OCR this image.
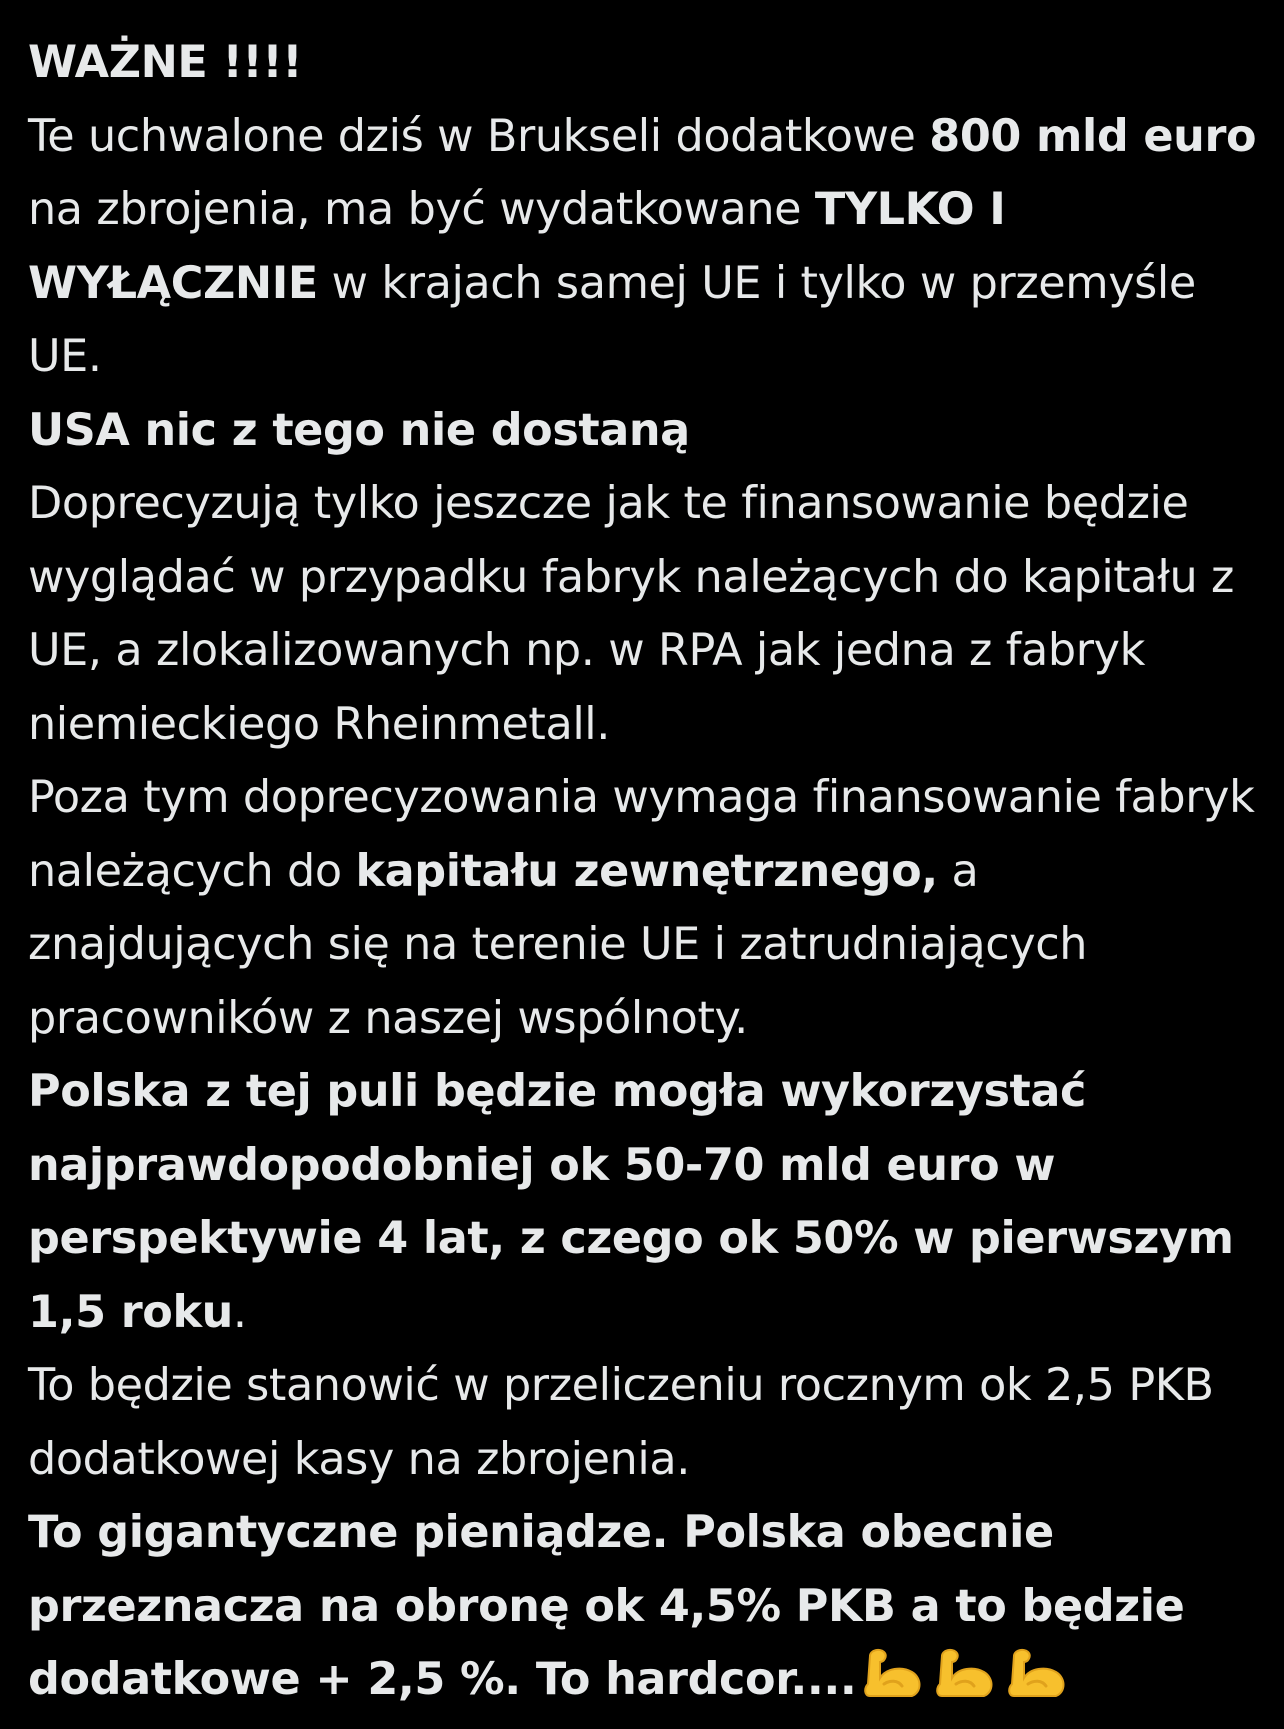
WAŻNE !!!!

Te uchwalone dziś w Brukseli dodatkowe 800 mld euro na zbrojenia, ma być wydatkowane TYLKO I WYŁĄCZNIE w krajach samej UE i tylko w przemyśle UE.

USA nic z tego nie dostaną

Doprecyzują tylko jeszcze jak te finansowanie będzie wyglądać w przypadku fabryk należących do kapitału z UE, a zlokalizowanych np. w RPA jak jedna z fabryk niemieckiego Rheinmetall.

Poza tym doprecyzowania wymaga finansowanie fabryk należących do kapitału zewnętrznego, a znajdujących się na terenie UE i zatrudniających pracowników z naszej wspólnoty.

Polska z tej puli będzie mogła wykorzystać najprawdopodobniej ok 50-70 mld euro w perspektywie 4 lat, z czego ok 50% w pierwszym 1,5 roku.

To będzie stanowić w przeliczeniu rocznym ok 2,5 PKB dodatkowej kasy na zbrojenia.

To gigantyczne pieniądze. Polska obecnie przeznacza na obronę ok 4,5% PKB a to będzie dodatkowe + 2,5 %. To hardcor....
